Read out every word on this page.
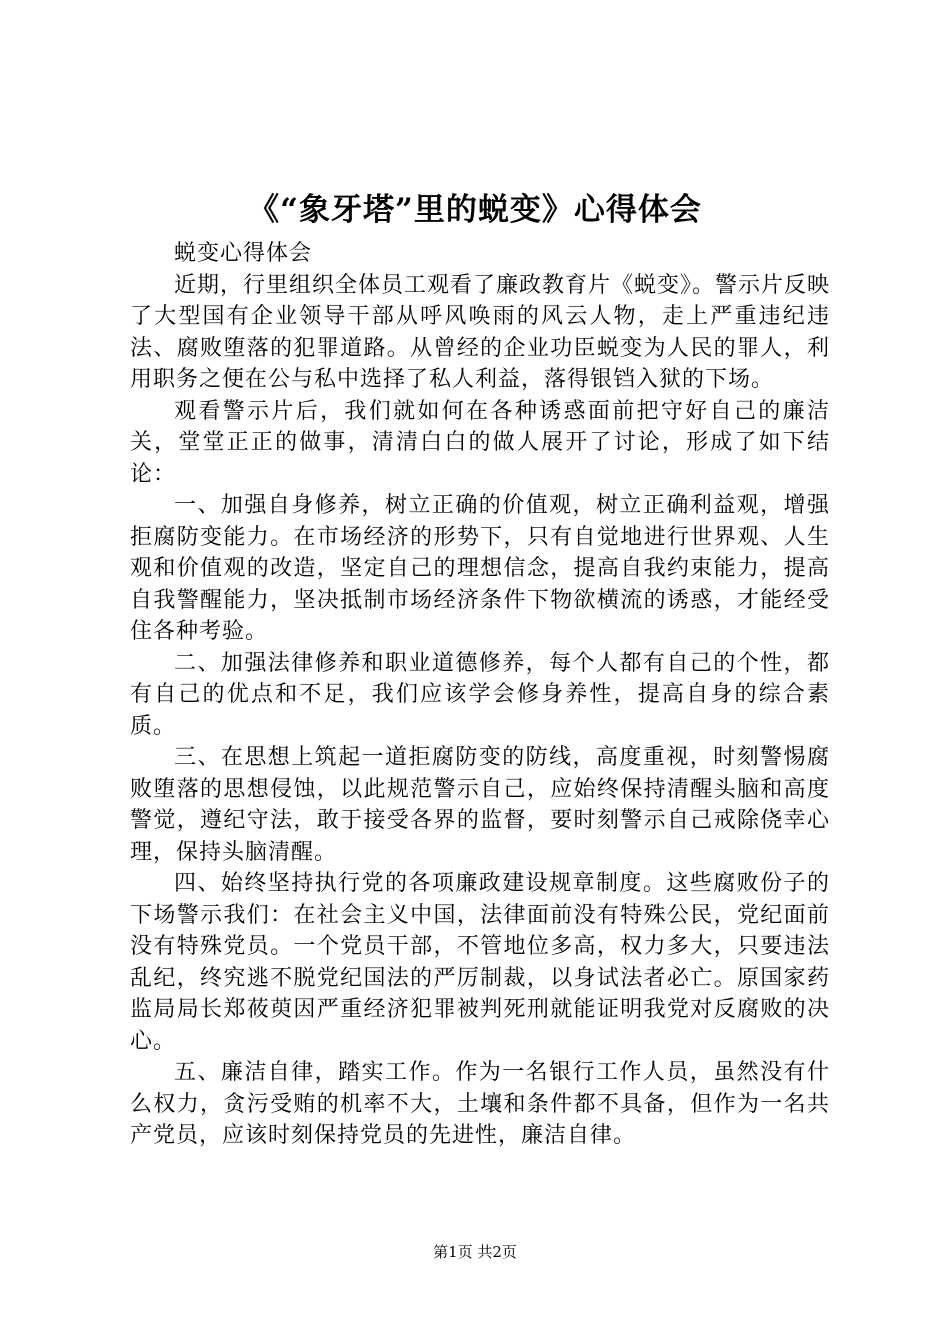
《“象牙塔”里的蜕变》心得体会

蜕变心得体会

近期，行里组织全体员工观看了廉政教育片《蜕变》。警示片反映了大型国有企业领导干部从呼风唤雨的风云人物，走上严重违纪违法、腐败堕落的犯罪道路。从曾经的企业功臣蜕变为人民的罪人，利用职务之便在公与私中选择了私人利益，落得银铛入狱的下场。

观看警示片后，我们就如何在各种诱惑面前把守好自己的廉洁关，堂堂正正的做事，清清白白的做人展开了讨论，形成了如下结论：

一、加强自身修养，树立正确的价值观，树立正确利益观，增强拒腐防变能力。在市场经济的形势下，只有自觉地进行世界观、人生观和价值观的改造，坚定自己的理想信念，提高自我约束能力，提高自我警醒能力，坚决抵制市场经济条件下物欲横流的诱惑，才能经受住各种考验。

二、加强法律修养和职业道德修养，每个人都有自己的个性，都有自己的优点和不足，我们应该学会修身养性，提高自身的综合素质。

三、在思想上筑起一道拒腐防变的防线，高度重视，时刻警惕腐败堕落的思想侵蚀，以此规范警示自己，应始终保持清醒头脑和高度警觉，遵纪守法，敢于接受各界的监督，要时刻警示自己戒除侥幸心理，保持头脑清醒。

四、始终坚持执行党的各项廉政建设规章制度。这些腐败份子的下场警示我们：在社会主义中国，法律面前没有特殊公民，党纪面前没有特殊党员。一个党员干部，不管地位多高，权力多大，只要违法乱纪，终究逃不脱党纪国法的严厉制裁，以身试法者必亡。原国家药监局局长郑莜萸因严重经济犯罪被判死刑就能证明我党对反腐败的决心。

五、廉洁自律，踏实工作。作为一名银行工作人员，虽然没有什么权力，贪污受贿的机率不大，土壤和条件都不具备，但作为一名共产党员，应该时刻保持党员的先进性，廉洁自律。

第1页 共2页
